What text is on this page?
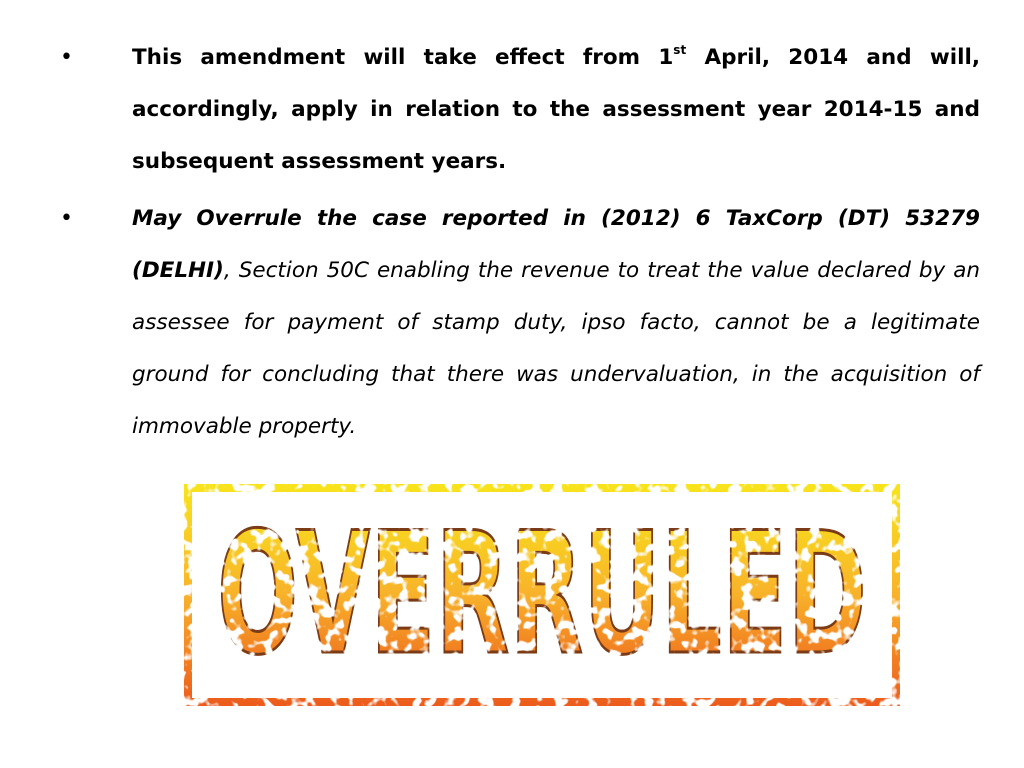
•	This amendment will take effect from 1st April, 2014 and will, accordingly, apply in relation to the assessment year 2014-15 and subsequent assessment years.

•	May Overrule the case reported in (2012) 6 TaxCorp (DT) 53279 (DELHI), Section 50C enabling the revenue to treat the value declared by an assessee for payment of stamp duty, ipso facto, cannot be a legitimate ground for concluding that there was undervaluation, in the acquisition of immovable property.

OVERRULED
